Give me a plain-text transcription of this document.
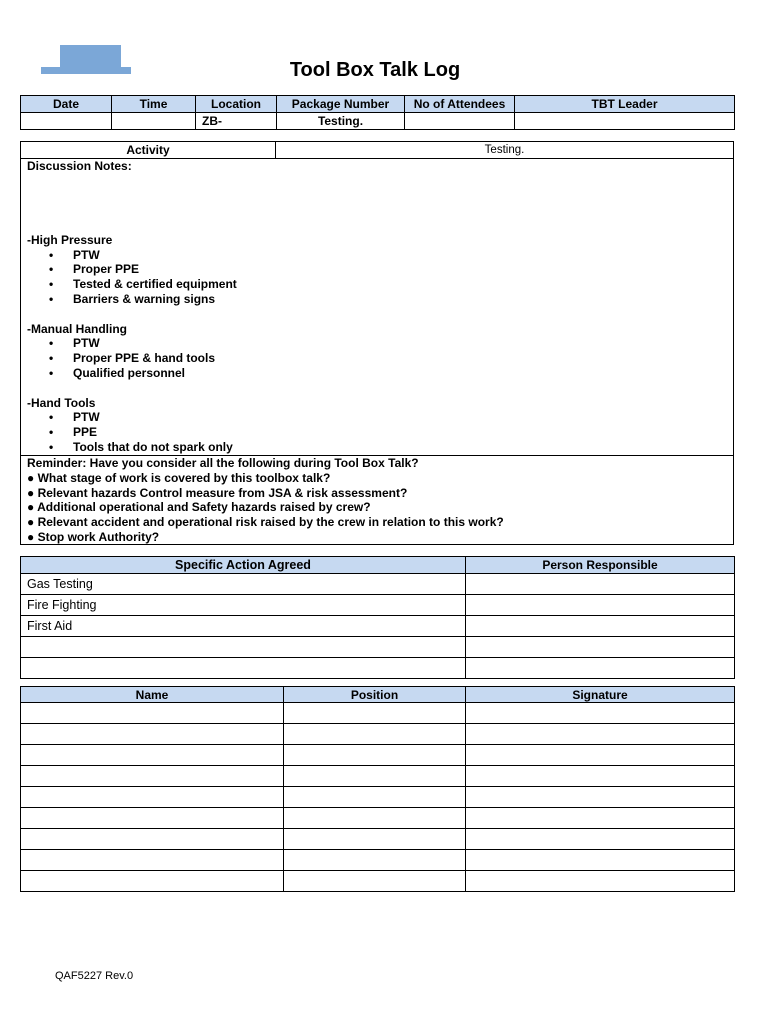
Tool Box Talk Log
Date	Time	Location	Package Number	No of Attendees	TBT Leader
		ZB-	Testing.		
Activity	Testing.
Discussion Notes:
-High Pressure
• PTW
• Proper PPE
• Tested & certified equipment
• Barriers & warning signs
-Manual Handling
• PTW
• Proper PPE & hand tools
• Qualified personnel
-Hand Tools
• PTW
• PPE
• Tools that do not spark only
Reminder: Have you consider all the following during Tool Box Talk?
● What stage of work is covered by this toolbox talk?
● Relevant hazards Control measure from JSA & risk assessment?
● Additional operational and Safety hazards raised by crew?
● Relevant accident and operational risk raised by the crew in relation to this work?
● Stop work Authority?
Specific Action Agreed	Person Responsible
Gas Testing	
Fire Fighting	
First Aid	

Name	Position	Signature

QAF5227 Rev.0
